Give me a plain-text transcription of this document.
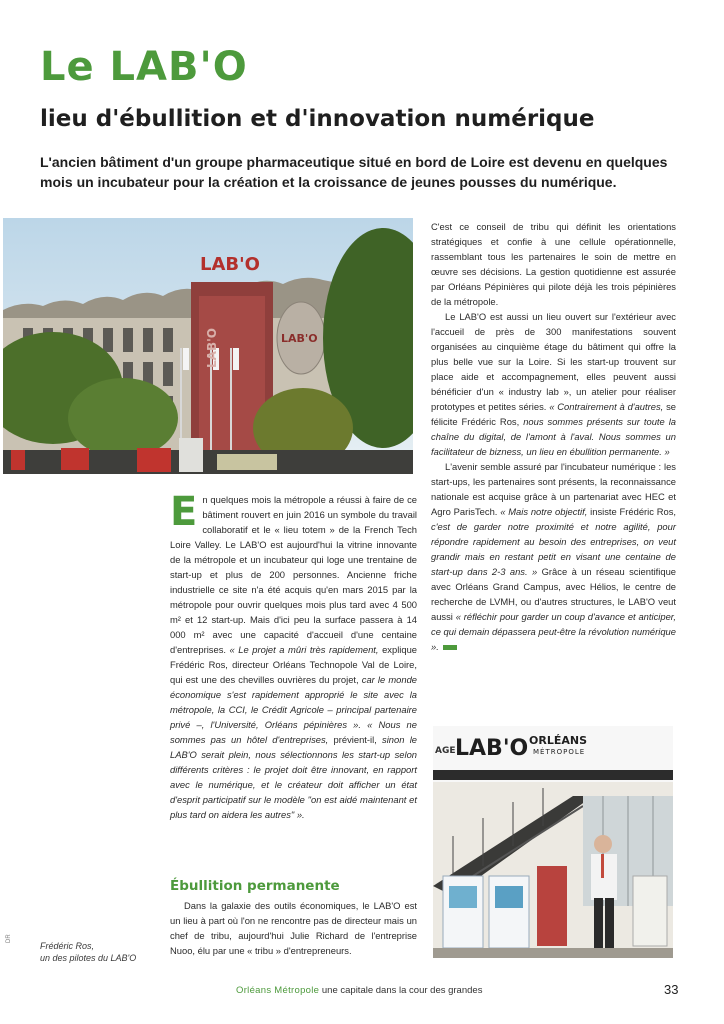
Le LAB'O
lieu d'ébullition et d'innovation numérique

L'ancien bâtiment d'un groupe pharmaceutique situé en bord de Loire est devenu en quelques mois un incubateur pour la création et la croissance de jeunes pousses du numérique.

LAB'O
LAB'O
LAB'O

En quelques mois la métropole a réussi à faire de ce bâtiment rouvert en juin 2016 un symbole du travail collaboratif et le « lieu totem » de la French Tech Loire Valley. Le LAB'O est aujourd'hui la vitrine innovante de la métropole et un incubateur qui loge une trentaine de start-up et plus de 200 personnes. Ancienne friche industrielle ce site n'a été acquis qu'en mars 2015 par la métropole pour ouvrir quelques mois plus tard avec 4 500 m² et 12 start-up. Mais d'ici peu la surface passera à 14 000 m² avec une capacité d'accueil d'une centaine d'entreprises. « Le projet a mûri très rapidement, explique Frédéric Ros, directeur Orléans Technopole Val de Loire, qui est une des chevilles ouvrières du projet, car le monde économique s'est rapidement approprié le site avec la métropole, la CCI, le Crédit Agricole – principal partenaire privé –, l'Université, Orléans pépinières ». « Nous ne sommes pas un hôtel d'entreprises, prévient-il, sinon le LAB'O serait plein, nous sélectionnons les start-up selon différents critères : le projet doit être innovant, en rapport avec le numérique, et le créateur doit afficher un état d'esprit participatif sur le modèle "on est aidé maintenant et plus tard on aidera les autres" ».

Ébullition permanente

Dans la galaxie des outils économiques, le LAB'O est un lieu à part où l'on ne rencontre pas de directeur mais un chef de tribu, aujourd'hui Julie Richard de l'entreprise Nuoo, élu par une « tribu » d'entrepreneurs.

C'est ce conseil de tribu qui définit les orientations stratégiques et confie à une cellule opérationnelle, rassemblant tous les partenaires le soin de mettre en œuvre ses décisions. La gestion quotidienne est assurée par Orléans Pépinières qui pilote déjà les trois pépinières de la métropole.

Le LAB'O est aussi un lieu ouvert sur l'extérieur avec l'accueil de près de 300 manifestations souvent organisées au cinquième étage du bâtiment qui offre la plus belle vue sur la Loire. Si les start-up trouvent sur place aide et accompagnement, elles peuvent aussi bénéficier d'un « industry lab », un atelier pour réaliser prototypes et petites séries. « Contrairement à d'autres, se félicite Frédéric Ros, nous sommes présents sur toute la chaîne du digital, de l'amont à l'aval. Nous sommes un facilitateur de bizness, un lieu en ébullition permanente. »

L'avenir semble assuré par l'incubateur numérique : les start-ups, les partenaires sont présents, la reconnaissance nationale est acquise grâce à un partenariat avec HEC et Agro ParisTech. « Mais notre objectif, insiste Frédéric Ros, c'est de garder notre proximité et notre agilité, pour répondre rapidement au besoin des entreprises, on veut grandir mais en restant petit en visant une centaine de start-up dans 2-3 ans. » Grâce à un réseau scientifique avec Orléans Grand Campus, avec Hélios, le centre de recherche de LVMH, ou d'autres structures, le LAB'O veut aussi « réfléchir pour garder un coup d'avance et anticiper, ce qui demain dépassera peut-être la révolution numérique ».

AGE LAB'O ORLÉANS
MÉTROPOLE

Frédéric Ros,
un des pilotes du LAB'O

DR
Orléans Métropole une capitale dans la cour des grandes	33
